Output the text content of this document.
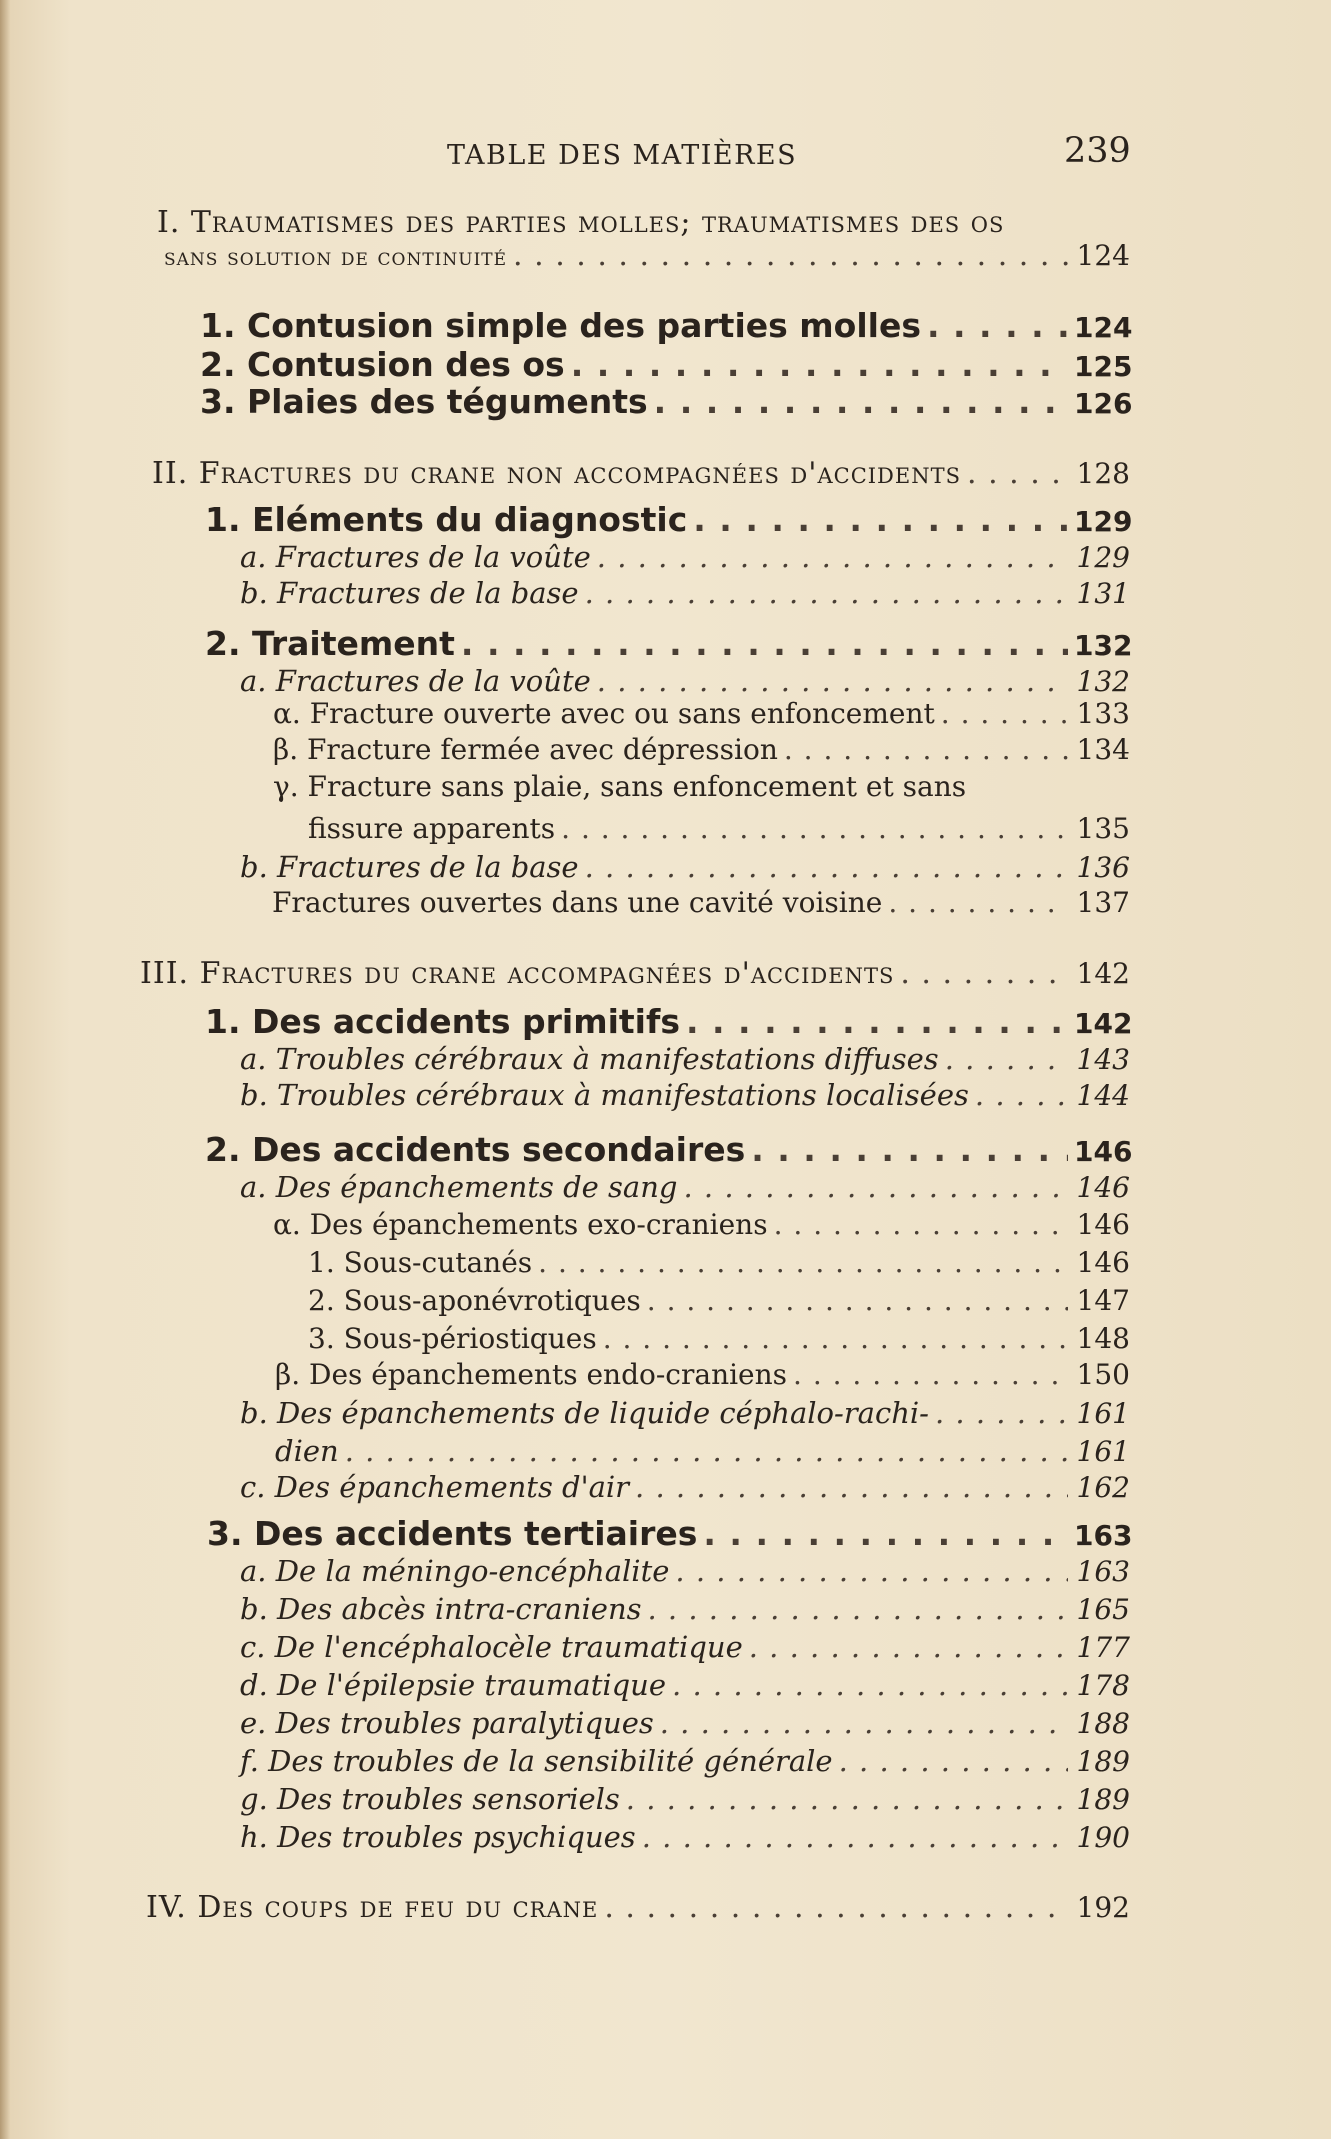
TABLE DES MATIÈRES	239
I. Traumatismes des parties molles; traumatismes des os
sans solution de continuité . . .	124
1. Contusion simple des parties molles . . .	124
2. Contusion des os . . .	125
3. Plaies des téguments . . .	126
II. Fractures du crane non accompagnées d'accidents . . .	128
1. Eléments du diagnostic . . .	129
a. Fractures de la voûte . . .	129
b. Fractures de la base . . .	131
2. Traitement . . .	132
a. Fractures de la voûte . . .	132
α. Fracture ouverte avec ou sans enfoncement . . .	133
β. Fracture fermée avec dépression . . .	134
γ. Fracture sans plaie, sans enfoncement et sans
fissure apparents . . .	135
b. Fractures de la base . . .	136
Fractures ouvertes dans une cavité voisine . . .	137
III. Fractures du crane accompagnées d'accidents . . .	142
1. Des accidents primitifs . . .	142
a. Troubles cérébraux à manifestations diffuses . . .	143
b. Troubles cérébraux à manifestations localisées . . .	144
2. Des accidents secondaires . . .	146
a. Des épanchements de sang . . .	146
α. Des épanchements exo-craniens . . .	146
1. Sous-cutanés . . .	146
2. Sous-aponévrotiques . . .	147
3. Sous-périostiques . . .	148
β. Des épanchements endo-craniens . . .	150
b. Des épanchements de liquide céphalo-rachi- . . .	161
dien . . .	161
c. Des épanchements d'air . . .	162
3. Des accidents tertiaires . . .	163
a. De la méningo-encéphalite . . .	163
b. Des abcès intra-craniens . . .	165
c. De l'encéphalocèle traumatique . . .	177
d. De l'épilepsie traumatique . . .	178
e. Des troubles paralytiques . . .	188
f. Des troubles de la sensibilité générale . . .	189
g. Des troubles sensoriels . . .	189
h. Des troubles psychiques . . .	190
IV. Des coups de feu du crane . . .	192
